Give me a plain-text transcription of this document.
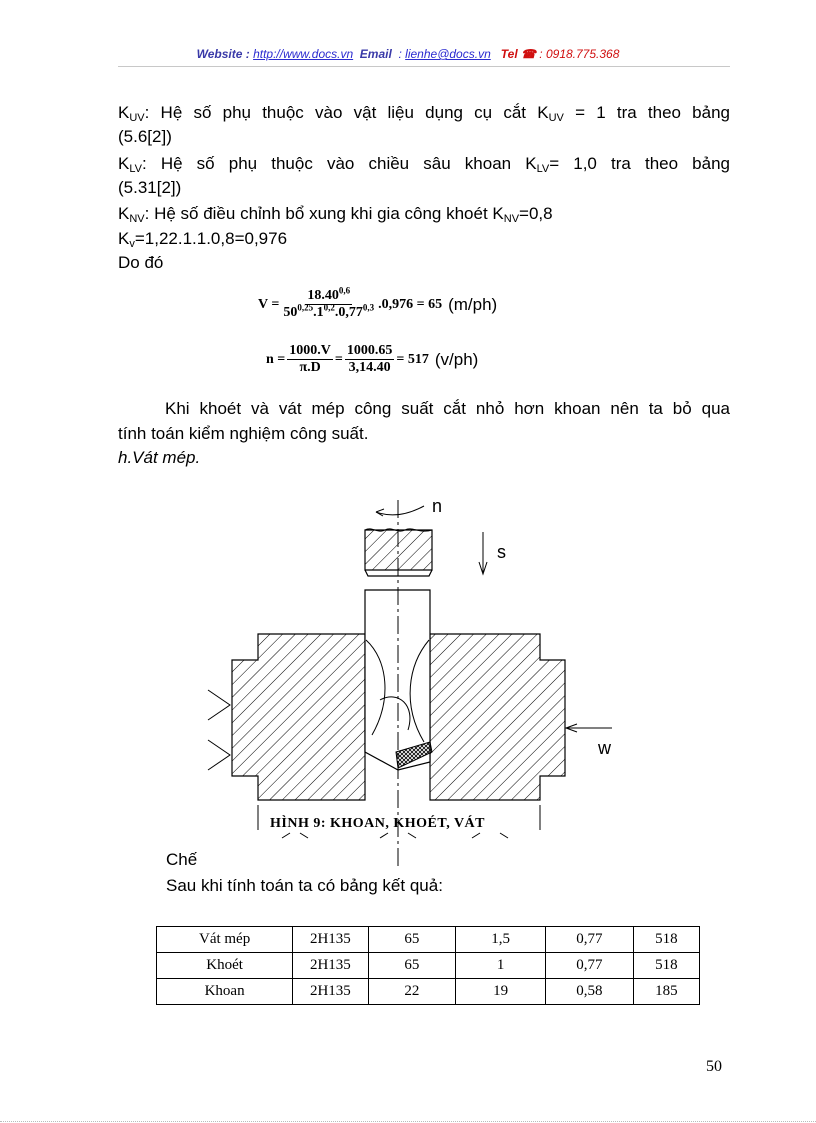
Website : http://www.docs.vn Email : lienhe@docs.vn Tel ☎ : 0918.775.368
$K_{UV}$: Hệ số phụ thuộc vào vật liệu dụng cụ cắt $K_{UV} = 1$ tra theo bảng
(5.6[2])
$K_{LV}$: Hệ số phụ thuộc vào chiều sâu khoan $K_{LV}= 1,0$ tra theo bảng
(5.31[2])
$K_{NV}$: Hệ số điều chỉnh bổ xung khi gia công khoét $K_{NV}=0,8$
$K_v=1,22.1.1.0,8=0,976$
Do đó
$V = \frac{18.40^{0,6}}{50^{0,25}.1^{0,2}.0,77^{0,3}} .0,976 = 65$ (m/ph)
$n = \frac{1000.V}{\pi.D} = \frac{1000.65}{3,14.40} = 517$ (v/ph)
Khi khoét và vát mép công suất cắt nhỏ hơn khoan nên ta bỏ qua
tính toán kiểm nghiệm công suất.
h.Vát mép.
n
s
w
HÌNH 9: KHOAN, KHOÉT, VÁT
Chế
Sau khi tính toán ta có bảng kết quả:
Vát mép	2H135	65	1,5	0,77	518
Khoét	2H135	65	1	0,77	518
Khoan	2H135	22	19	0,58	185
50
